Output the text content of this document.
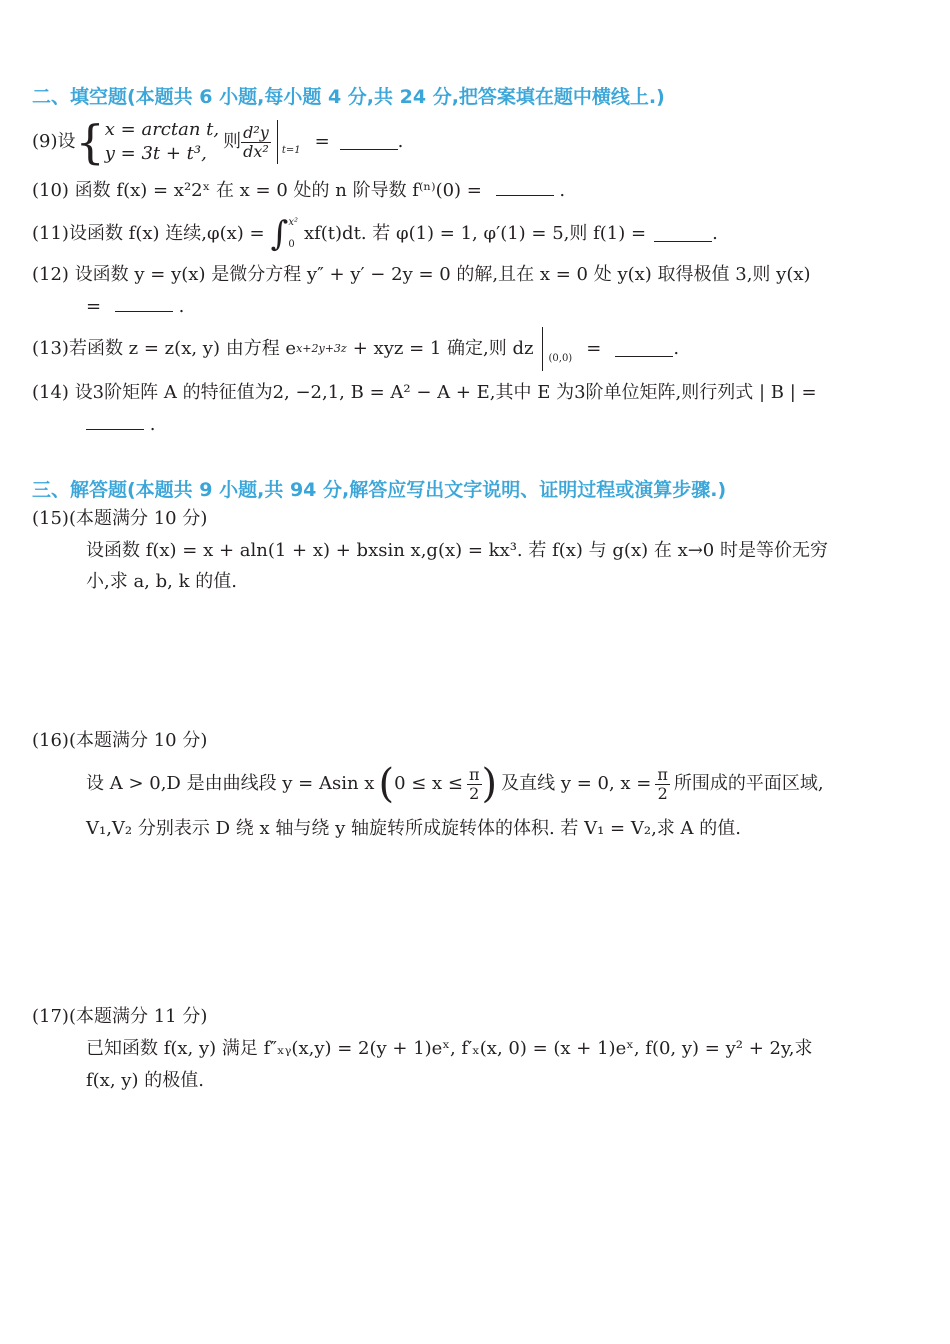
二、填空题(本题共 6 小题,每小题 4 分,共 24 分,把答案填在题中横线上.)
(9)设 { x = arctan t,
y = 3t + t³,
则 $\frac{\text{d²y}}{\text{dx²}} t=1$ =	.
(10) 函数 f(x) = x²2ˣ 在 x = 0 处的 n 阶导数 f⁽ⁿ⁾(0) =	.
(11) 设函数 f(x) 连续,φ(x) = ∫ x²
0
xf(t)dt. 若 φ(1) = 1, φ′(1) = 5,则 f(1) =	.
(12) 设函数 y = y(x) 是微分方程 y″ + y′ − 2y = 0 的解,且在 x = 0 处 y(x) 取得极值 3,则 y(x)
=	.
(13) 若函数 z = z(x, y) 由方程 e x+2y+3z + xyz = 1 确定,则 dz (0,0) =	.
(14) 设3阶矩阵 A 的特征值为2, −2,1, B = A² − A + E,其中 E 为3阶单位矩阵,则行列式 | B | =
.
三、解答题(本题共 9 小题,共 94 分,解答应写出文字说明、证明过程或演算步骤.)
(15)(本题满分 10 分)
设函数 f(x) = x + aln(1 + x) + bxsin x,g(x) = kx³. 若 f(x) 与 g(x) 在 x→0 时是等价无穷
小,求 a, b, k 的值.
(16)(本题满分 10 分)
设 A > 0,D 是由曲线段 y = Asin x ( $0 \le x \le \frac{\pi}{2}$ ) 及直线 y = 0, $x = \frac{\pi}{2}$ 所围成的平面区域,
V₁,V₂ 分别表示 D 绕 x 轴与绕 y 轴旋转所成旋转体的体积. 若 V₁ = V₂,求 A 的值.
(17)(本题满分 11 分)
已知函数 f(x, y) 满足 f″ₓᵧ(x,y) = 2(y + 1)eˣ, f′ₓ(x, 0) = (x + 1)eˣ, f(0, y) = y² + 2y,求
f(x, y) 的极值.
